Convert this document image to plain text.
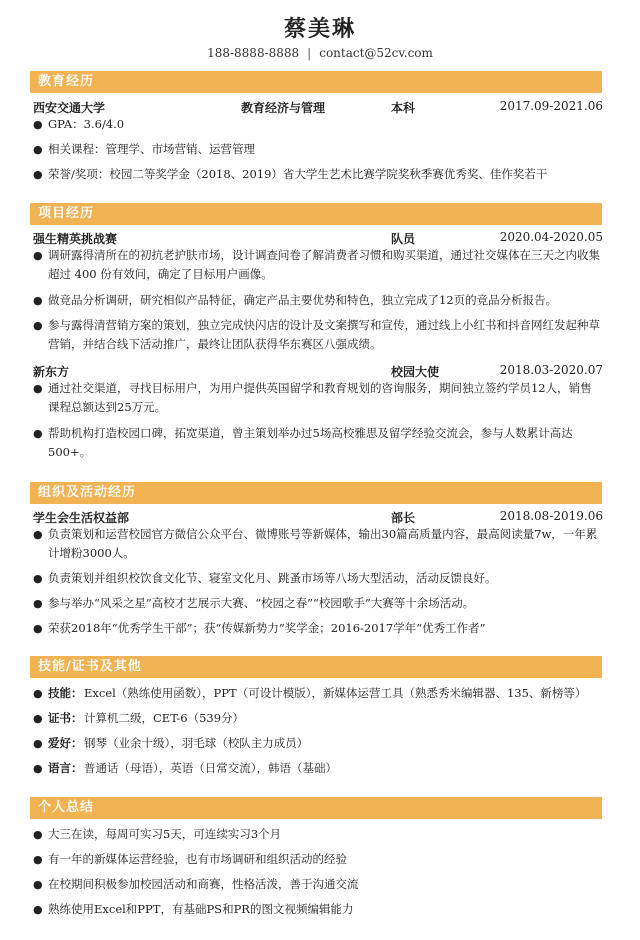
蔡美琳
188-8888-8888 | contact@52cv.com
教育经历
西安交通大学	教育经济与管理	本科	2017.09-2021.06
● GPA：3.6/4.0
● 相关课程：管理学、市场营销、运营管理
● 荣誉/奖项：校园二等奖学金（2018、2019）省大学生艺术比赛学院奖秋季赛优秀奖、佳作奖若干
项目经历
强生精英挑战赛	队员	2020.04-2020.05
● 调研露得清所在的初抗老护肤市场，设计调查问卷了解消费者习惯和购买渠道，通过社交媒体在三天之内收集超过 400 份有效问，确定了目标用户画像。
● 做竞品分析调研，研究相似产品特征，确定产品主要优势和特色，独立完成了12页的竞品分析报告。
● 参与露得清营销方案的策划，独立完成快闪店的设计及文案撰写和宣传，通过线上小红书和抖音网红发起种草营销，并结合线下活动推广，最终让团队获得华东赛区八强成绩。
新东方	校园大使	2018.03-2020.07
● 通过社交渠道，寻找目标用户，为用户提供英国留学和教育规划的咨询服务，期间独立签约学员12人，销售课程总额达到25万元。
● 帮助机构打造校园口碑，拓宽渠道，曾主策划举办过5场高校雅思及留学经验交流会，参与人数累计高达500+。
组织及活动经历
学生会生活权益部	部长	2018.08-2019.06
● 负责策划和运营校园官方微信公众平台、微博账号等新媒体，输出30篇高质量内容，最高阅读量7w，一年累计增粉3000人。
● 负责策划并组织校饮食文化节、寝室文化月、跳蚤市场等八场大型活动，活动反馈良好。
● 参与举办“风采之星”高校才艺展示大赛、“校园之春”“校园歌手”大赛等十余场活动。
● 荣获2018年“优秀学生干部”；获“传媒新势力”奖学金；2016-2017学年“优秀工作者”
技能/证书及其他
● 技能： Excel（熟练使用函数），PPT（可设计模版），新媒体运营工具（熟悉秀米编辑器、135、新榜等）
● 证书： 计算机二级，CET-6（539分）
● 爱好： 钢琴（业余十级），羽毛球（校队主力成员）
● 语言： 普通话（母语），英语（日常交流），韩语（基础）
个人总结
● 大三在读，每周可实习5天，可连续实习3个月
● 有一年的新媒体运营经验，也有市场调研和组织活动的经验
● 在校期间积极参加校园活动和商赛，性格活泼，善于沟通交流
● 熟练使用Excel和PPT，有基础PS和PR的图文视频编辑能力
